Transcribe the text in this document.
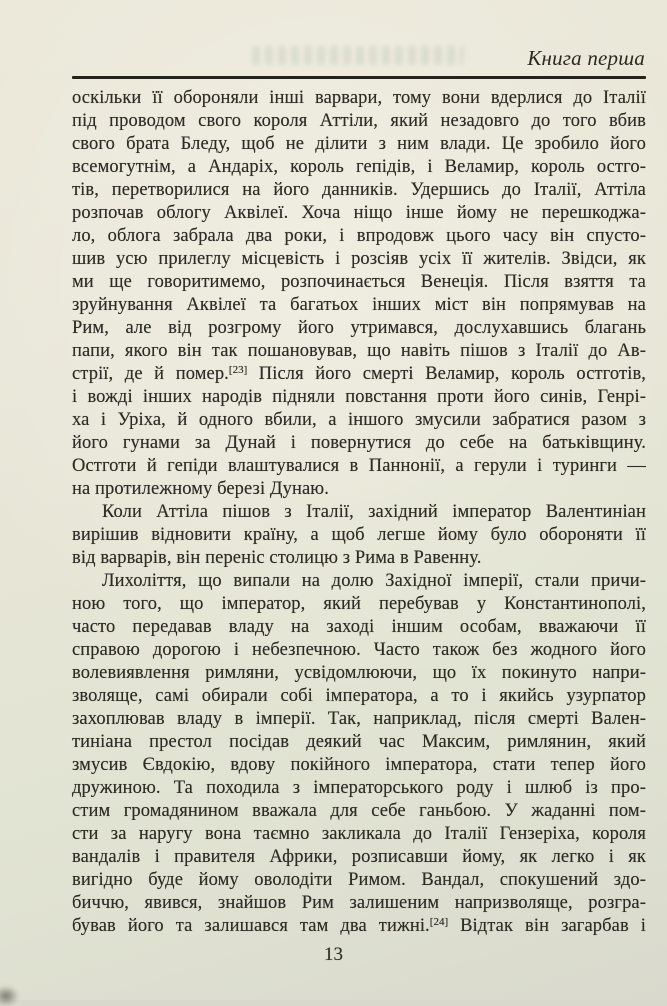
Книга перша
оскільки її обороняли інші варвари, тому вони вдерлися до Італії
під проводом свого короля Аттіли, який незадовго до того вбив
свого брата Бледу, щоб не ділити з ним влади. Це зробило його
всемогутнім, а Андаріх, король гепідів, і Веламир, король остго-
тів, перетворилися на його данників. Удершись до Італії, Аттіла
розпочав облогу Аквілеї. Хоча ніщо інше йому не перешкоджа-
ло, облога забрала два роки, і впродовж цього часу він спусто-
шив усю прилеглу місцевість і розсіяв усіх її жителів. Звідси, як
ми ще говоритимемо, розпочинається Венеція. Після взяття та
зруйнування Аквілеї та багатьох інших міст він попрямував на
Рим, але від розгрому його утримався, дослухавшись благань
папи, якого він так пошановував, що навіть пішов з Італії до Ав-
стрії, де й помер.[23] Після його смерті Веламир, король остготів,
і вожді інших народів підняли повстання проти його синів, Генрі-
ха і Уріха, й одного вбили, а іншого змусили забратися разом з
його гунами за Дунай і повернутися до себе на батьківщину.
Остготи й гепіди влаштувалися в Паннонії, а герули і туринги —
на протилежному березі Дунаю.
Коли Аттіла пішов з Італії, західний імператор Валентиніан
вирішив відновити країну, а щоб легше йому було обороняти її
від варварів, він переніс столицю з Рима в Равенну.
Лихоліття, що випали на долю Західної імперії, стали причи-
ною того, що імператор, який перебував у Константинополі,
часто передавав владу на заході іншим особам, вважаючи її
справою дорогою і небезпечною. Часто також без жодного його
волевиявлення римляни, усвідомлюючи, що їх покинуто напри-
зволяще, самі обирали собі імператора, а то і якийсь узурпатор
захоплював владу в імперії. Так, наприклад, після смерті Вален-
тиніана престол посідав деякий час Максим, римлянин, який
змусив Євдокію, вдову покійного імператора, стати тепер його
дружиною. Та походила з імператорського роду і шлюб із про-
стим громадянином вважала для себе ганьбою. У жаданні пом-
сти за наругу вона таємно закликала до Італії Гензеріха, короля
вандалів і правителя Африки, розписавши йому, як легко і як
вигідно буде йому оволодіти Римом. Вандал, спокушений здо-
биччю, явився, знайшов Рим залишеним напризволяще, розгра-
бував його та залишався там два тижні.[24] Відтак він загарбав і
13
